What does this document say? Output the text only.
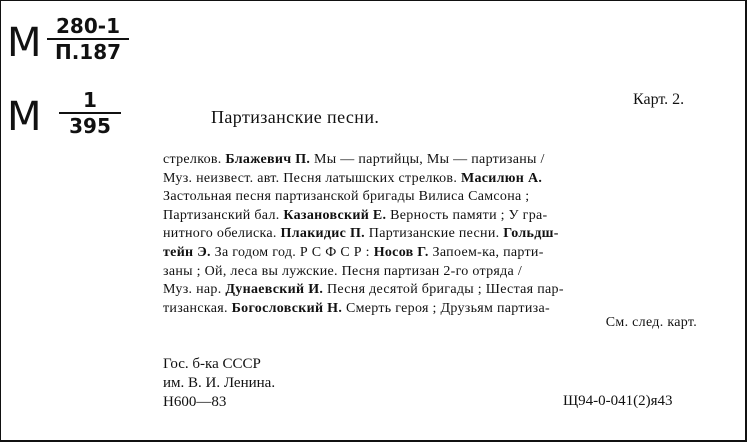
М 280-1
П.187
М	1
395
Карт. 2.
Партизанские песни.
стрелков. Блажевич П. Мы — партийцы, Мы — партизаны /
Муз. неизвест. авт. Песня латышских стрелков. Масилюн А.
Застольная песня партизанской бригады Вилиса Самсона ;
Партизанский бал. Казановский Е. Верность памяти ; У гра-
нитного обелиска. Плакидис П. Партизанские песни. Гольдш-
тейн Э. За годом год. Р С Ф С Р : Носов Г. Запоем-ка, парти-
заны ; Ой, леса вы лужские. Песня партизан 2-го отряда /
Муз. нар. Дунаевский И. Песня десятой бригады ; Шестая пар-
тизанская. Богословский Н. Смерть героя ; Друзьям партиза-
См. след. карт.
Гос. б-ка СССР
им. В. И. Ленина.
Н600—83	Щ94-0-041(2)я43
